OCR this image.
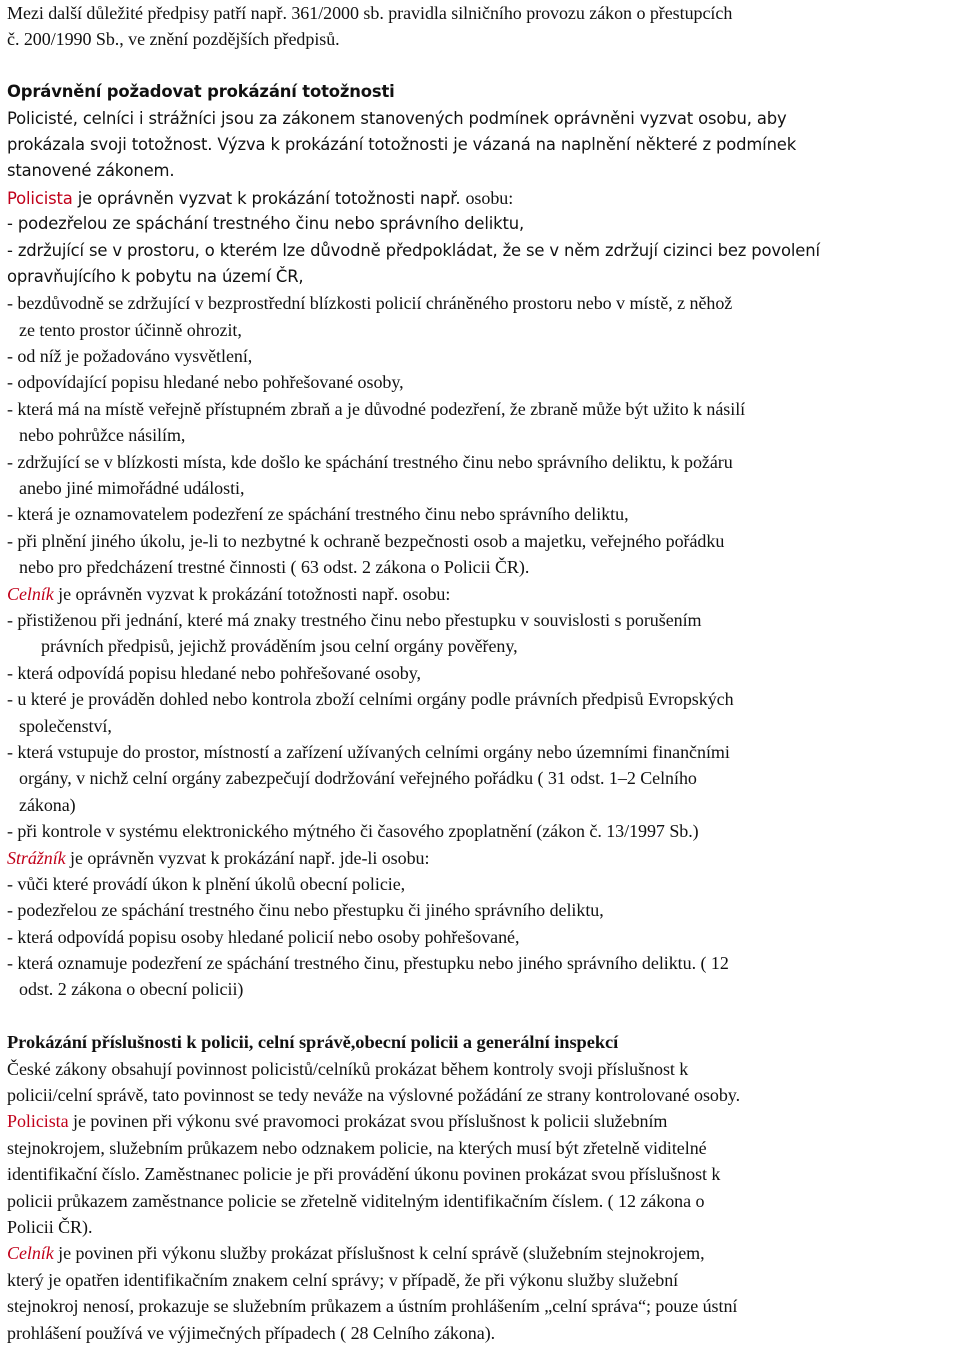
Mezi další důležité předpisy patří např. 361/2000 sb. pravidla silničního provozu zákon o přestupcích
č. 200/1990 Sb., ve znění pozdějších předpisů.
Oprávnění požadovat prokázání totožnosti
Policisté, celníci i strážníci jsou za zákonem stanovených podmínek oprávněni vyzvat osobu, aby
prokázala svoji totožnost. Výzva k prokázání totožnosti je vázaná na naplnění některé z podmínek
stanovené zákonem.
Policista je oprávněn vyzvat k prokázání totožnosti např. osobu:
- podezřelou ze spáchání trestného činu nebo správního deliktu,
- zdržující se v prostoru, o kterém lze důvodně předpokládat, že se v něm zdržují cizinci bez povolení
opravňujícího k pobytu na území ČR,
- bezdůvodně se zdržující v bezprostřední blízkosti policií chráněného prostoru nebo v místě, z něhož
ze tento prostor účinně ohrozit,
- od níž je požadováno vysvětlení,
- odpovídající popisu hledané nebo pohřešované osoby,
- která má na místě veřejně přístupném zbraň a je důvodné podezření, že zbraně může být užito k násilí
nebo pohrůžce násilím,
- zdržující se v blízkosti místa, kde došlo ke spáchání trestného činu nebo správního deliktu, k požáru
anebo jiné mimořádné události,
- která je oznamovatelem podezření ze spáchání trestného činu nebo správního deliktu,
- při plnění jiného úkolu, je-li to nezbytné k ochraně bezpečnosti osob a majetku, veřejného pořádku
nebo pro předcházení trestné činnosti ( 63 odst. 2 zákona o Policii ČR).
Celník je oprávněn vyzvat k prokázání totožnosti např. osobu:
- přistiženou při jednání, které má znaky trestného činu nebo přestupku v souvislosti s porušením
právních předpisů, jejichž prováděním jsou celní orgány pověřeny,
- která odpovídá popisu hledané nebo pohřešované osoby,
- u které je prováděn dohled nebo kontrola zboží celními orgány podle právních předpisů Evropských
společenství,
- která vstupuje do prostor, místností a zařízení užívaných celními orgány nebo územními finančními
orgány, v nichž celní orgány zabezpečují dodržování veřejného pořádku ( 31 odst. 1–2 Celního
zákona)
- při kontrole v systému elektronického mýtného či časového zpoplatnění (zákon č. 13/1997 Sb.)
Strážník je oprávněn vyzvat k prokázání např. jde-li osobu:
- vůči které provádí úkon k plnění úkolů obecní policie,
- podezřelou ze spáchání trestného činu nebo přestupku či jiného správního deliktu,
- která odpovídá popisu osoby hledané policií nebo osoby pohřešované,
- která oznamuje podezření ze spáchání trestného činu, přestupku nebo jiného správního deliktu. ( 12
odst. 2 zákona o obecní policii)
Prokázání příslušnosti k policii, celní správě,obecní policii a generální inspekcí
České zákony obsahují povinnost policistů/celníků prokázat během kontroly svoji příslušnost k
policii/celní správě, tato povinnost se tedy neváže na výslovné požádání ze strany kontrolované osoby.
Policista je povinen při výkonu své pravomoci prokázat svou příslušnost k policii služebním
stejnokrojem, služebním průkazem nebo odznakem policie, na kterých musí být zřetelně viditelné
identifikační číslo. Zaměstnanec policie je při provádění úkonu povinen prokázat svou příslušnost k
policii průkazem zaměstnance policie se zřetelně viditelným identifikačním číslem. ( 12 zákona o
Policii ČR).
Celník je povinen při výkonu služby prokázat příslušnost k celní správě (služebním stejnokrojem,
který je opatřen identifikačním znakem celní správy; v případě, že při výkonu služby služební
stejnokroj nenosí, prokazuje se služebním průkazem a ústním prohlášením „celní správa“; pouze ústní
prohlášení používá ve výjimečných případech ( 28 Celního zákona).
